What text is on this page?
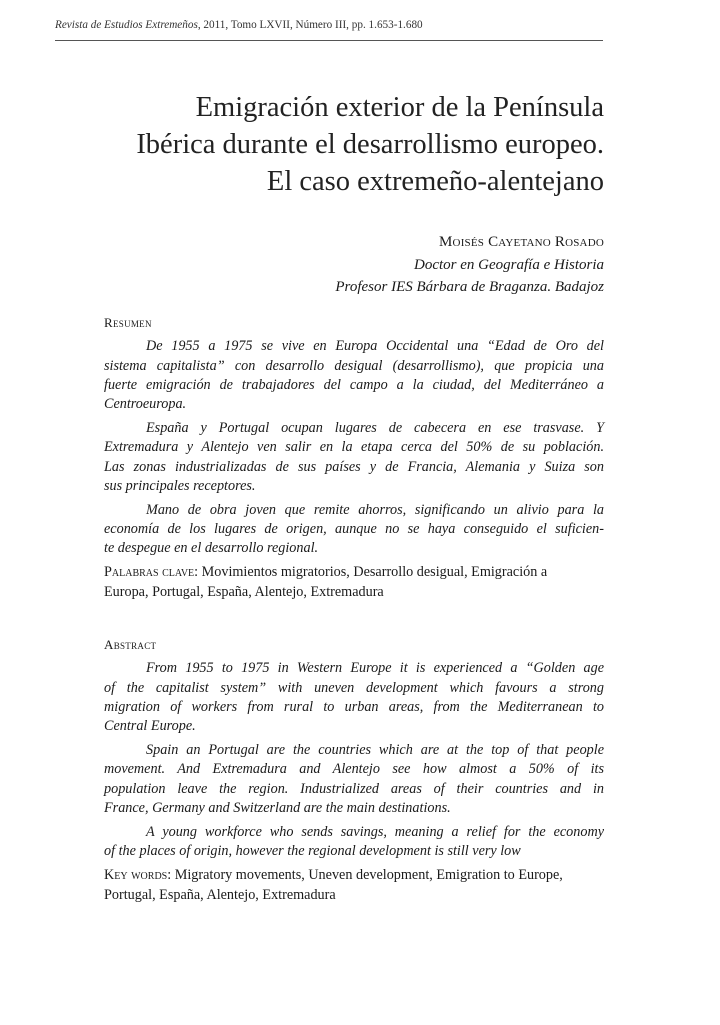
Revista de Estudios Extremeños, 2011, Tomo LXVII, Número III, pp. 1.653-1.680
Emigración exterior de la Península
Ibérica durante el desarrollismo europeo.
El caso extremeño-alentejano
Moisés Cayetano Rosado
Doctor en Geografía e Historia
Profesor IES Bárbara de Braganza. Badajoz
Resumen
De 1955 a 1975 se vive en Europa Occidental una “Edad de Oro del
sistema capitalista” con desarrollo desigual (desarrollismo), que propicia una
fuerte emigración de trabajadores del campo a la ciudad, del Mediterráneo a
Centroeuropa.
España y Portugal ocupan lugares de cabecera en ese trasvase. Y
Extremadura y Alentejo ven salir en la etapa cerca del 50% de su población.
Las zonas industrializadas de sus países y de Francia, Alemania y Suiza son
sus principales receptores.
Mano de obra joven que remite ahorros, significando un alivio para la
economía de los lugares de origen, aunque no se haya conseguido el suficien-
te despegue en el desarrollo regional.
Palabras clave: Movimientos migratorios, Desarrollo desigual, Emigración a
Europa, Portugal, España, Alentejo, Extremadura
Abstract
From 1955 to 1975 in Western Europe it is experienced a “Golden age
of the capitalist system” with uneven development which favours a strong
migration of workers from rural to urban areas, from the Mediterranean to
Central Europe.
Spain an Portugal are the countries which are at the top of that people
movement. And Extremadura and Alentejo see how almost a 50% of its
population leave the region. Industrialized areas of their countries and in
France, Germany and Switzerland are the main destinations.
A young workforce who sends savings, meaning a relief for the economy
of the places of origin, however the regional development is still very low
Key words: Migratory movements, Uneven development, Emigration to Europe,
Portugal, España, Alentejo, Extremadura
